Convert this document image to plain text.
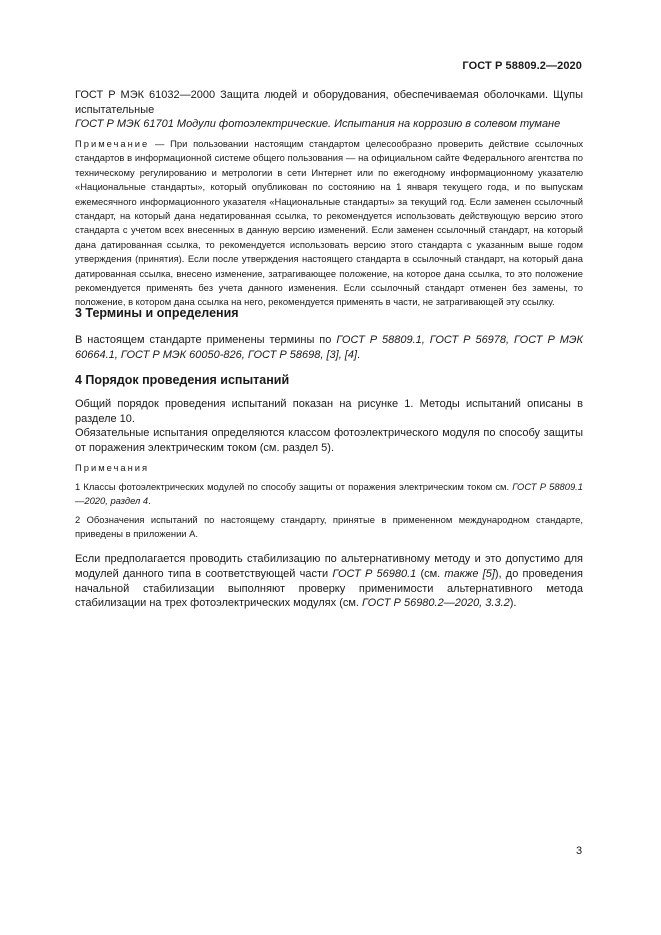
ГОСТ Р 58809.2—2020

ГОСТ Р МЭК 61032—2000 Защита людей и оборудования, обеспечиваемая оболочками. Щупы испытательные

ГОСТ Р МЭК 61701 Модули фотоэлектрические. Испытания на коррозию в солевом тумане

Примечание — При пользовании настоящим стандартом целесообразно проверить действие ссылочных стандартов в информационной системе общего пользования — на официальном сайте Федерального агентства по техническому регулированию и метрологии в сети Интернет или по ежегодному информационному указателю «Национальные стандарты», который опубликован по состоянию на 1 января текущего года, и по выпускам ежемесячного информационного указателя «Национальные стандарты» за текущий год. Если заменен ссылочный стандарт, на который дана недатированная ссылка, то рекомендуется использовать действующую версию этого стандарта с учетом всех внесенных в данную версию изменений. Если заменен ссылочный стандарт, на который дана датированная ссылка, то рекомендуется использовать версию этого стандарта с указанным выше годом утверждения (принятия). Если после утверждения настоящего стандарта в ссылочный стандарт, на который дана датированная ссылка, внесено изменение, затрагивающее положение, на которое дана ссылка, то это положение рекомендуется применять без учета данного изменения. Если ссылочный стандарт отменен без замены, то положение, в котором дана ссылка на него, рекомендуется применять в части, не затрагивающей эту ссылку.

3 Термины и определения

В настоящем стандарте применены термины по ГОСТ Р 58809.1, ГОСТ Р 56978, ГОСТ Р МЭК 60664.1, ГОСТ Р МЭК 60050-826, ГОСТ Р 58698, [3], [4].

4 Порядок проведения испытаний

Общий порядок проведения испытаний показан на рисунке 1. Методы испытаний описаны в разделе 10.

Обязательные испытания определяются классом фотоэлектрического модуля по способу защиты от поражения электрическим током (см. раздел 5).

Примечания

1 Классы фотоэлектрических модулей по способу защиты от поражения электрическим током см. ГОСТ Р 58809.1—2020, раздел 4.

2 Обозначения испытаний по настоящему стандарту, принятые в примененном международном стандарте, приведены в приложении А.

Если предполагается проводить стабилизацию по альтернативному методу и это допустимо для модулей данного типа в соответствующей части ГОСТ Р 56980.1 (см. также [5]), до проведения начальной стабилизации выполняют проверку применимости альтернативного метода стабилизации на трех фотоэлектрических модулях (см. ГОСТ Р 56980.2—2020, 3.3.2).

3
